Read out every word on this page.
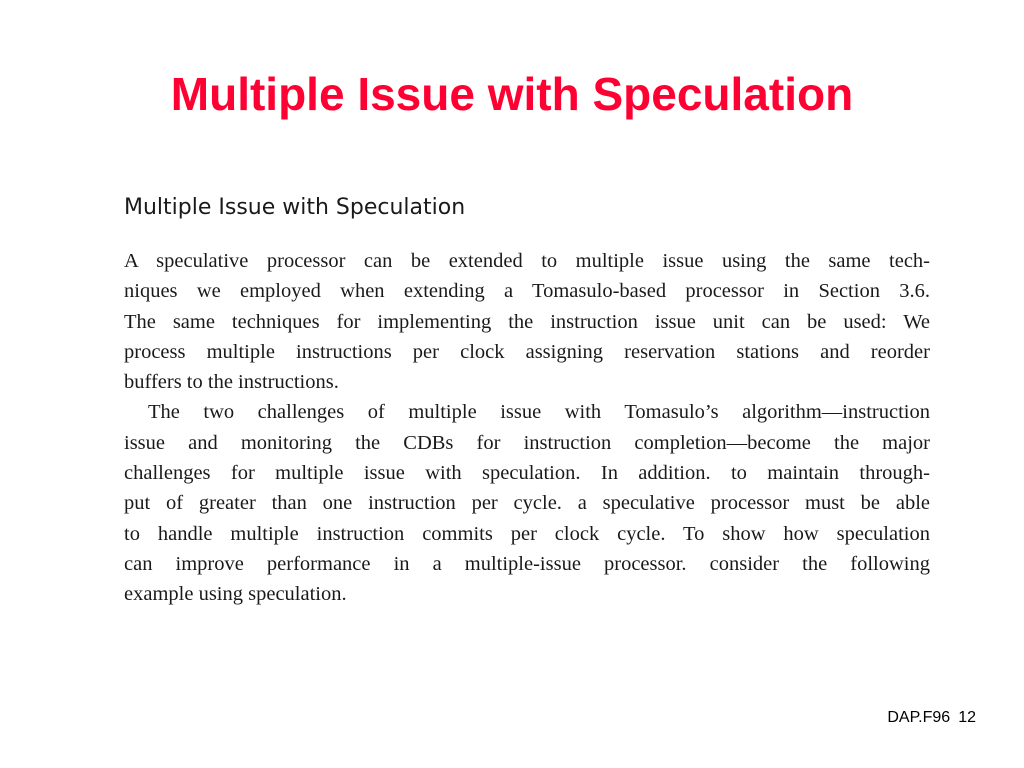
Multiple Issue with Speculation
Multiple Issue with Speculation
A speculative processor can be extended to multiple issue using the same tech-
niques we employed when extending a Tomasulo-based processor in Section 3.6.
The same techniques for implementing the instruction issue unit can be used: We
process multiple instructions per clock assigning reservation stations and reorder
buffers to the instructions.
The two challenges of multiple issue with Tomasulo’s algorithm—instruction
issue and monitoring the CDBs for instruction completion—become the major
challenges for multiple issue with speculation. In addition. to maintain through-
put of greater than one instruction per cycle. a speculative processor must be able
to handle multiple instruction commits per clock cycle. To show how speculation
can improve performance in a multiple-issue processor. consider the following
example using speculation.
DAP.F96 12
